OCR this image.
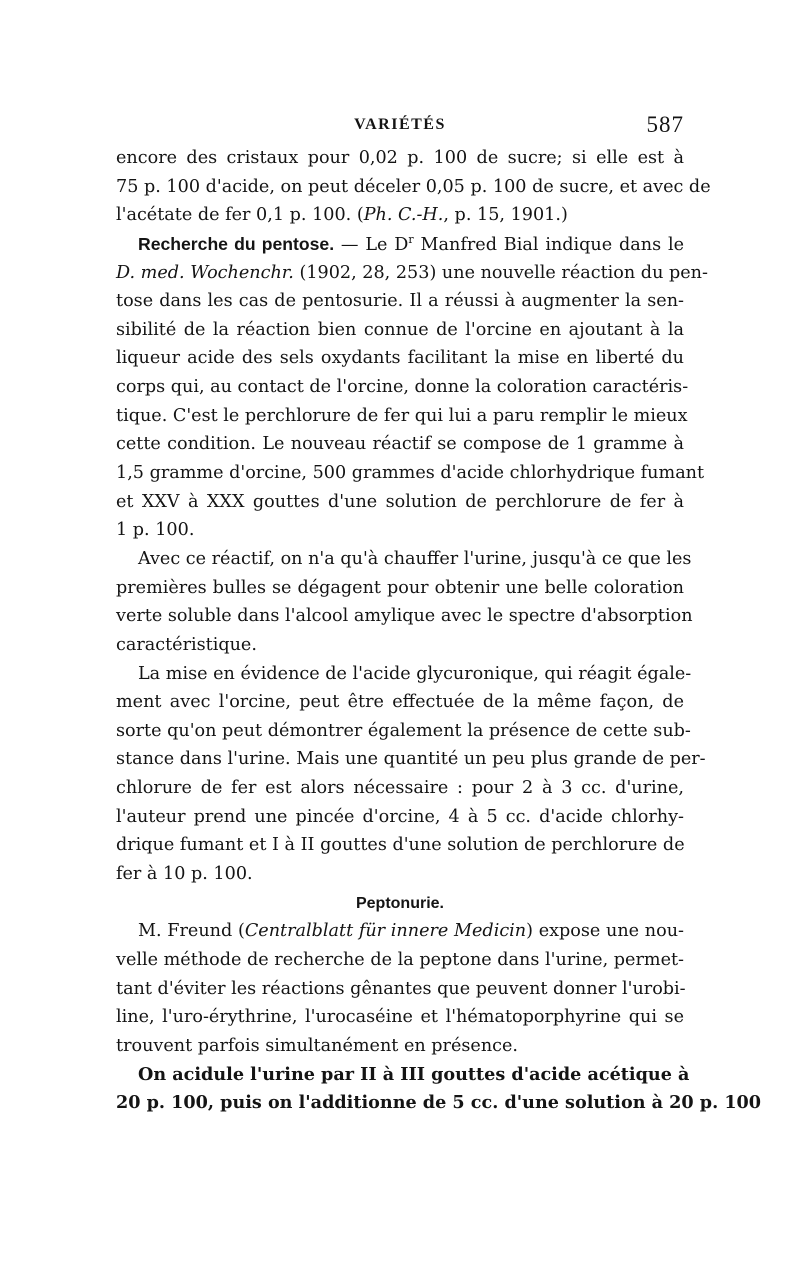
VARIÉTÉS	587
encore des cristaux pour 0,02 p. 100 de sucre; si elle est à
75 p. 100 d'acide, on peut déceler 0,05 p. 100 de sucre, et avec de
l'acétate de fer 0,1 p. 100. (Ph. C.-H., p. 15, 1901.)
Recherche du pentose. — Le $D^r$ Manfred Bial indique dans le
D. med. Wochenchr. (1902, 28, 253) une nouvelle réaction du pen-
tose dans les cas de pentosurie. Il a réussi à augmenter la sen-
sibilité de la réaction bien connue de l'orcine en ajoutant à la
liqueur acide des sels oxydants facilitant la mise en liberté du
corps qui, au contact de l'orcine, donne la coloration caractéris-
tique. C'est le perchlorure de fer qui lui a paru remplir le mieux
cette condition. Le nouveau réactif se compose de 1 gramme à
1,5 gramme d'orcine, 500 grammes d'acide chlorhydrique fumant
et XXV à XXX gouttes d'une solution de perchlorure de fer à
1 p. 100.
Avec ce réactif, on n'a qu'à chauffer l'urine, jusqu'à ce que les
premières bulles se dégagent pour obtenir une belle coloration
verte soluble dans l'alcool amylique avec le spectre d'absorption
caractéristique.
La mise en évidence de l'acide glycuronique, qui réagit égale-
ment avec l'orcine, peut être effectuée de la même façon, de
sorte qu'on peut démontrer également la présence de cette sub-
stance dans l'urine. Mais une quantité un peu plus grande de per-
chlorure de fer est alors nécessaire : pour 2 à 3 cc. d'urine,
l'auteur prend une pincée d'orcine, 4 à 5 cc. d'acide chlorhy-
drique fumant et I à II gouttes d'une solution de perchlorure de
fer à 10 p. 100.
Peptonurie.
M. Freund (Centralblatt für innere Medicin) expose une nou-
velle méthode de recherche de la peptone dans l'urine, permet-
tant d'éviter les réactions gênantes que peuvent donner l'urobi-
line, l'uro-érythrine, l'urocaséine et l'hématoporphyrine qui se
trouvent parfois simultanément en présence.
On acidule l'urine par II à III gouttes d'acide acétique à
20 p. 100, puis on l'additionne de 5 cc. d'une solution à 20 p. 100
